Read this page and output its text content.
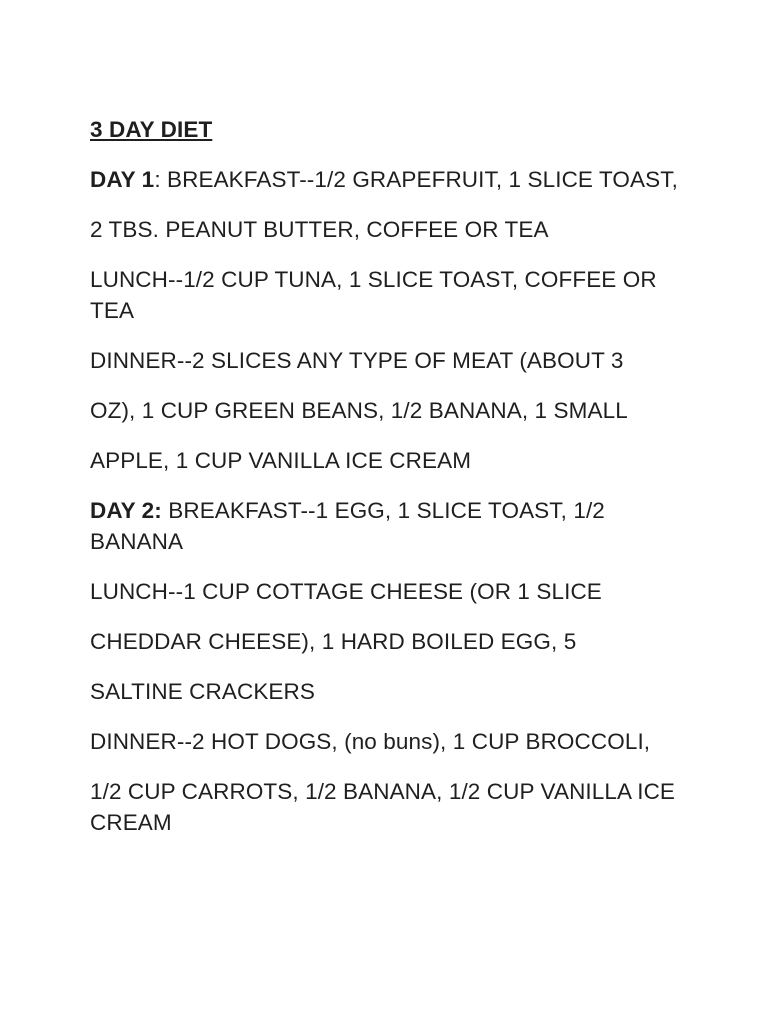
3 DAY DIET

DAY 1: BREAKFAST--1/2 GRAPEFRUIT, 1 SLICE TOAST,

2 TBS. PEANUT BUTTER, COFFEE OR TEA

LUNCH--1/2 CUP TUNA, 1 SLICE TOAST, COFFEE OR TEA

DINNER--2 SLICES ANY TYPE OF MEAT (ABOUT 3

OZ), 1 CUP GREEN BEANS, 1/2 BANANA, 1 SMALL

APPLE, 1 CUP VANILLA ICE CREAM

DAY 2: BREAKFAST--1 EGG, 1 SLICE TOAST, 1/2 BANANA

LUNCH--1 CUP COTTAGE CHEESE (OR 1 SLICE

CHEDDAR CHEESE), 1 HARD BOILED EGG, 5

SALTINE CRACKERS

DINNER--2 HOT DOGS, (no buns), 1 CUP BROCCOLI,

1/2 CUP CARROTS, 1/2 BANANA, 1/2 CUP VANILLA ICE CREAM
